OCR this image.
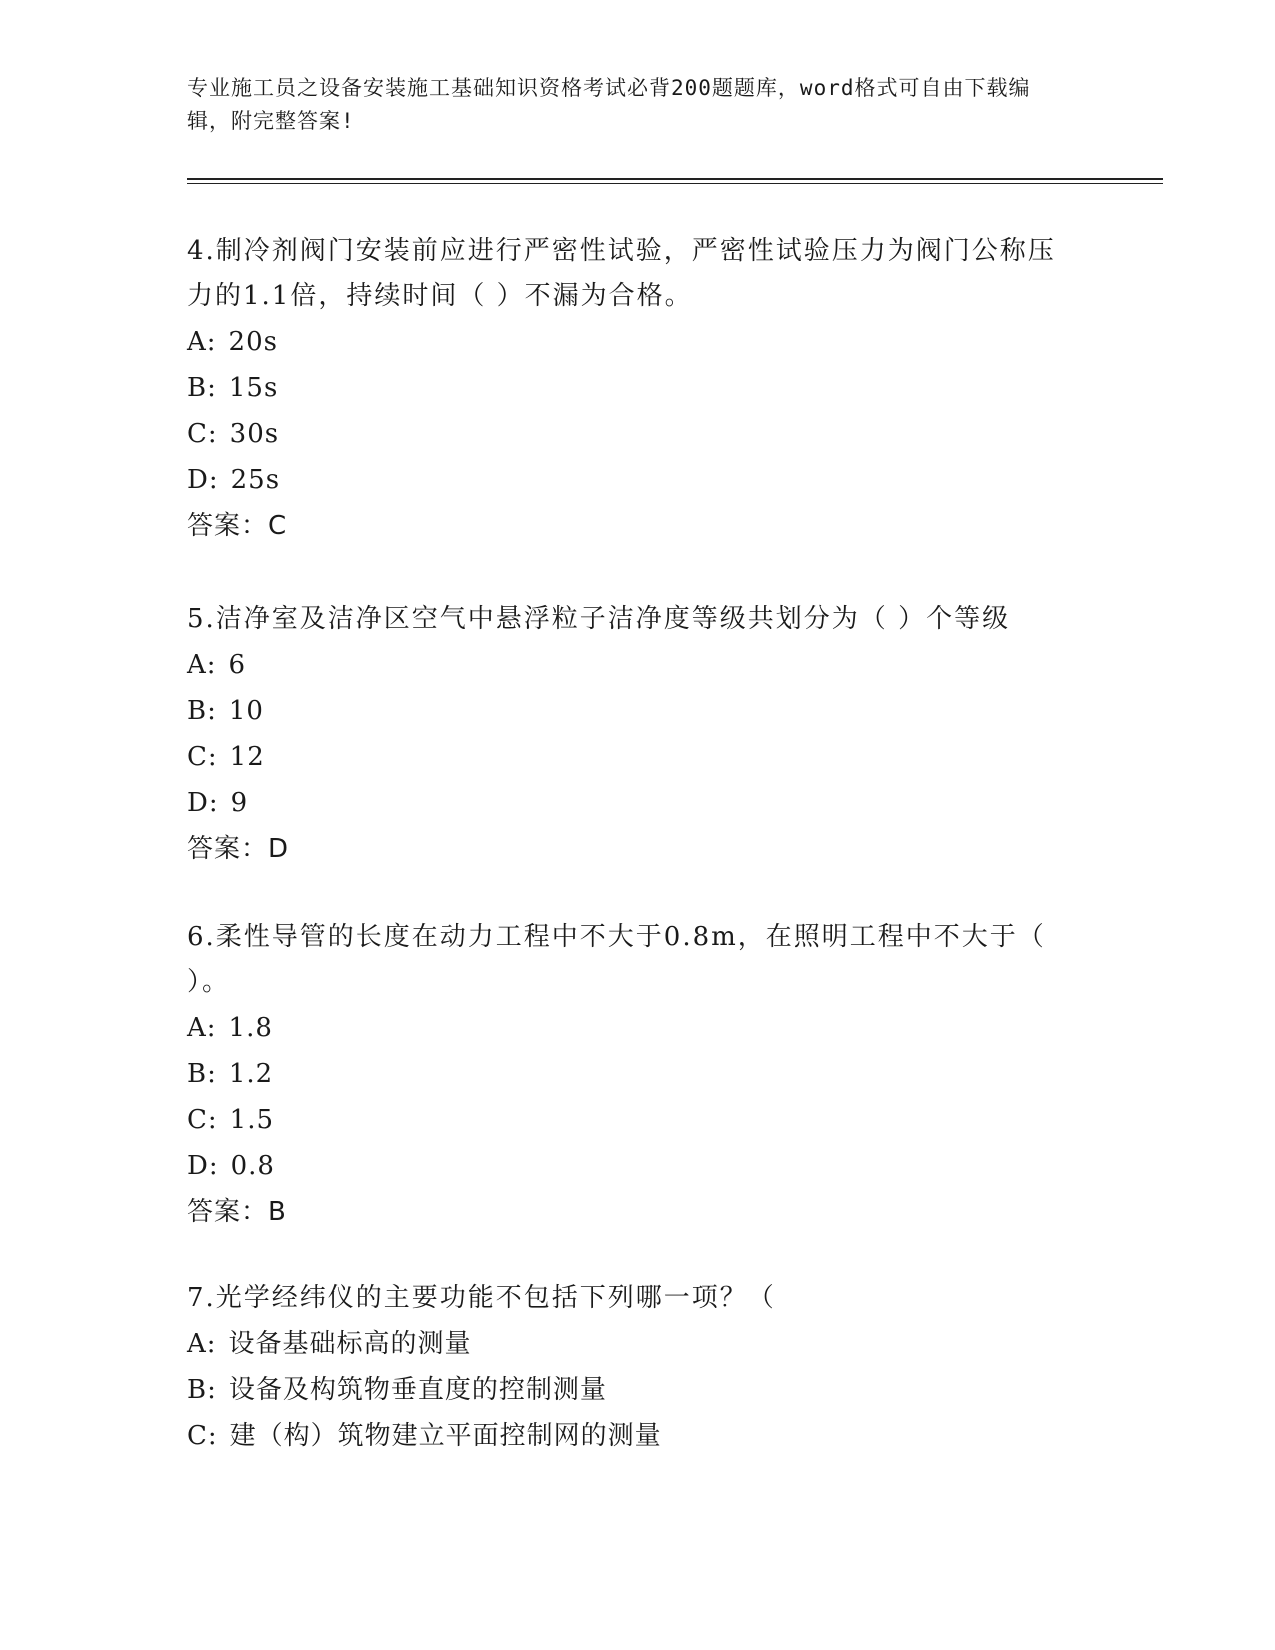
专业施工员之设备安装施工基础知识资格考试必背200题题库，word格式可自由下载编辑，附完整答案!

4.制冷剂阀门安装前应进行严密性试验，严密性试验压力为阀门公称压力的1.1倍，持续时间（ ）不漏为合格。

A: 20s
B: 15s
C: 30s
D: 25s
答案：C

5.洁净室及洁净区空气中悬浮粒子洁净度等级共划分为（ ）个等级

A: 6
B: 10
C: 12
D: 9
答案：D

6.柔性导管的长度在动力工程中不大于0.8m，在照明工程中不大于（ ）。

A: 1.8
B: 1.2
C: 1.5
D: 0.8
答案：B

7.光学经纬仪的主要功能不包括下列哪一项？（

A: 设备基础标高的测量
B: 设备及构筑物垂直度的控制测量
C: 建（构）筑物建立平面控制网的测量
